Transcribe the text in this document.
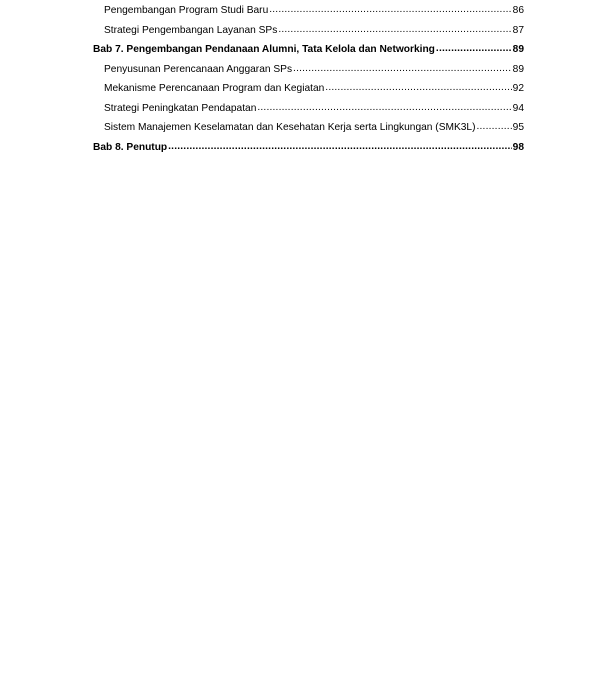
Pengembangan Program Studi Baru .....	86
Strategi Pengembangan Layanan SPs .....	87
Bab 7. Pengembangan Pendanaan Alumni, Tata Kelola dan Networking .....	89
Penyusunan Perencanaan Anggaran SPs .....	89
Mekanisme Perencanaan Program dan Kegiatan .....	92
Strategi Peningkatan Pendapatan .....	94
Sistem Manajemen Keselamatan dan Kesehatan Kerja serta Lingkungan (SMK3L) .....	95
Bab 8. Penutup .....	98
